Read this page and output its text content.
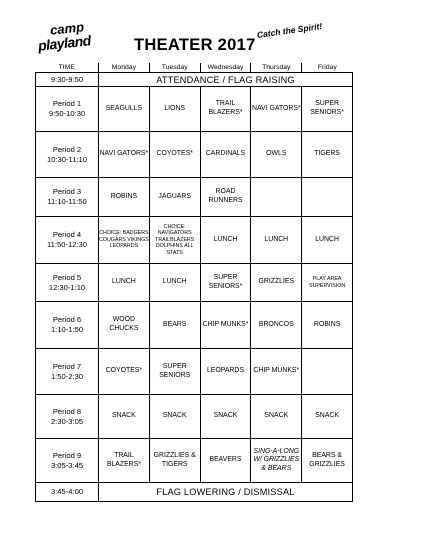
camp
playland	THEATER 2017
Catch the Spirit!
TIME	Monday	Tuesday	Wednesday	Thursday	Friday
9:30-9:50	ATTENDANCE / FLAG RAISING				
Period 1
9:50-10:30	SEAGULLS	LIONS	TRAIL BLAZERS*	NAVI GATORS*	SUPER SENIORS*
Period 2
10:30-11:10	NAVI GATORS*	COYOTES*	CARDINALS	OWLS	TIGERS
Period 3
11:10-11:50	ROBINS	JAGUARS	ROAD RUNNERS		
Period 4
11:50-12:30	CHOICE: BADGERS COUGARS VIKINGS LEOPARDS	CHOICE: NAVIGATORS TRAILBLAZERS DOLPHINS ALL STATS	LUNCH	LUNCH	LUNCH
Period 5
12:30-1:10	LUNCH	LUNCH	SUPER SENIORS*	GRIZZLIES	PLAY AREA SUPERVISION
Period 6
1:10-1:50	WOOD CHUCKS	BEARS	CHIP MUNKS*	BRONCOS	ROBINS
Period 7
1:50-2:30	COYOTES*	SUPER SENIORS	LEOPARDS	CHIP MUNKS*	
Period 8
2:30-3:05	SNACK	SNACK	SNACK	SNACK	SNACK
Period 9
3:05-3:45	TRAIL BLAZERS*	GRIZZLIES & TIGERS	BEAVERS	SING-A-LONG W/ GRIZZLIES & BEARS	BEARS & GRIZZLIES
3:45-4:00	FLAG LOWERING / DISMISSAL				
